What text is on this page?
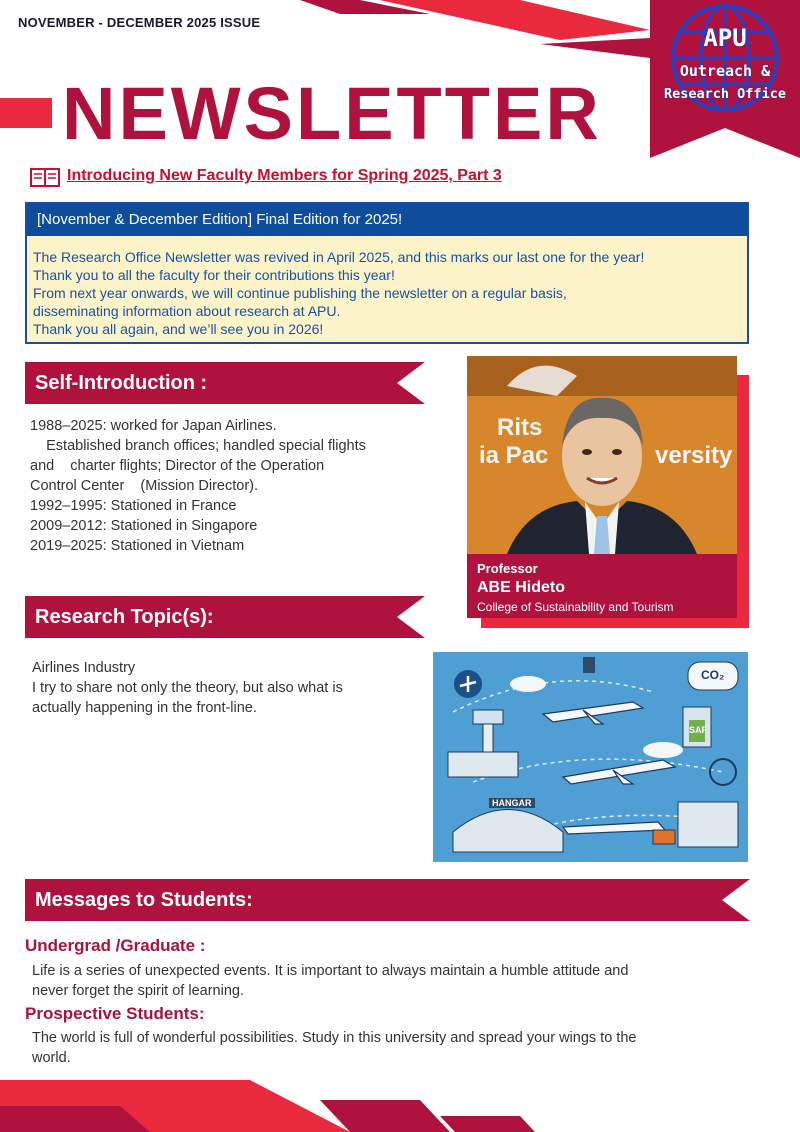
NOVEMBER - DECEMBER 2025 ISSUE
NEWSLETTER
APU
Outreach &
Research Office
Introducing New Faculty Members for Spring 2025, Part 3
[November & December Edition] Final Edition for 2025!
The Research Office Newsletter was revived in April 2025, and this marks our last one for the year!
Thank you to all the faculty for their contributions this year!
From next year onwards, we will continue publishing the newsletter on a regular basis,
disseminating information about research at APU.
Thank you all again, and we’ll see you in 2026!
Self-Introduction :
1988–2025: worked for Japan Airlines.
Established branch offices; handled special flights
and    charter flights; Director of the Operation
Control Center    (Mission Director).
1992–1995: Stationed in France
2009–2012: Stationed in Singapore
2019–2025: Stationed in Vietnam
Rits
ia Pac	versity
Professor
ABE Hideto
College of Sustainability and Tourism
Research Topic(s):
Airlines Industry
I try to share not only the theory, but also what is
actually happening in the front-line.
HANGAR
CO₂
SAF
Messages to Students:
Undergrad /Graduate :
Life is a series of unexpected events. It is important to always maintain a humble attitude and
never forget the spirit of learning.
Prospective Students:
The world is full of wonderful possibilities. Study in this university and spread your wings to the
world.
